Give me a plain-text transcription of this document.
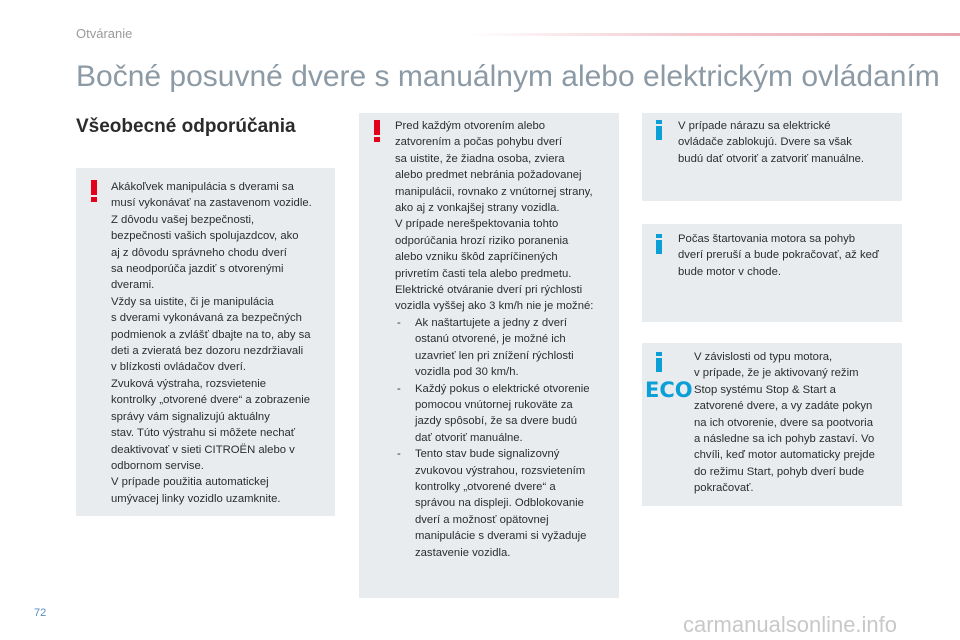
Otváranie
Bočné posuvné dvere s manuálnym alebo elektrickým ovládaním
Všeobecné odporúčania

Akákoľvek manipulácia s dverami sa

musí vykonávať na zastavenom vozidle.

Z dôvodu vašej bezpečnosti,

bezpečnosti vašich spolujazdcov, ako

aj z dôvodu správneho chodu dverí

sa neodporúča jazdiť s otvorenými

dverami.

Vždy sa uistite, či je manipulácia

s dverami vykonávaná za bezpečných

podmienok a zvlášť dbajte na to, aby sa

deti a zvieratá bez dozoru nezdržiavali

v blízkosti ovládačov dverí.

Zvuková výstraha, rozsvietenie

kontrolky „otvorené dvere“ a zobrazenie

správy vám signalizujú aktuálny

stav. Túto výstrahu si môžete nechať

deaktivovať v sieti CITROËN alebo v

odbornom servise.

V prípade použitia automatickej

umývacej linky vozidlo uzamknite.

Pred každým otvorením alebo

zatvorením a počas pohybu dverí

sa uistite, že žiadna osoba, zviera

alebo predmet nebránia požadovanej

manipulácii, rovnako z vnútornej strany,

ako aj z vonkajšej strany vozidla.

V prípade nerešpektovania tohto

odporúčania hrozí riziko poranenia

alebo vzniku škôd zapríčinených

privretím časti tela alebo predmetu.

Elektrické otváranie dverí pri rýchlosti

vozidla vyššej ako 3 km/h nie je možné:

- Ak naštartujete a jedny z dverí
ostanú otvorené, je možné ich
uzavrieť len pri znížení rýchlosti
vozidla pod 30 km/h.
- Každý pokus o elektrické otvorenie
pomocou vnútornej rukoväte za
jazdy spôsobí, že sa dvere budú
dať otvoriť manuálne.
- Tento stav bude signalizovný
zvukovou výstrahou, rozsvietením
kontrolky „otvorené dvere“ a
správou na displeji. Odblokovanie
dverí a možnosť opätovnej
manipulácie s dverami si vyžaduje
zastavenie vozidla.

V prípade nárazu sa elektrické

ovládače zablokujú. Dvere sa však

budú dať otvoriť a zatvoriť manuálne.

Počas štartovania motora sa pohyb

dverí preruší a bude pokračovať, až keď

bude motor v chode.

ECO

V závislosti od typu motora,

v prípade, že je aktivovaný režim

Stop systému Stop & Start a

zatvorené dvere, a vy zadáte pokyn

na ich otvorenie, dvere sa pootvoria

a následne sa ich pohyb zastaví. Vo

chvíli, keď motor automaticky prejde

do režimu Start, pohyb dverí bude

pokračovať.

72	carmanualsonline.info
